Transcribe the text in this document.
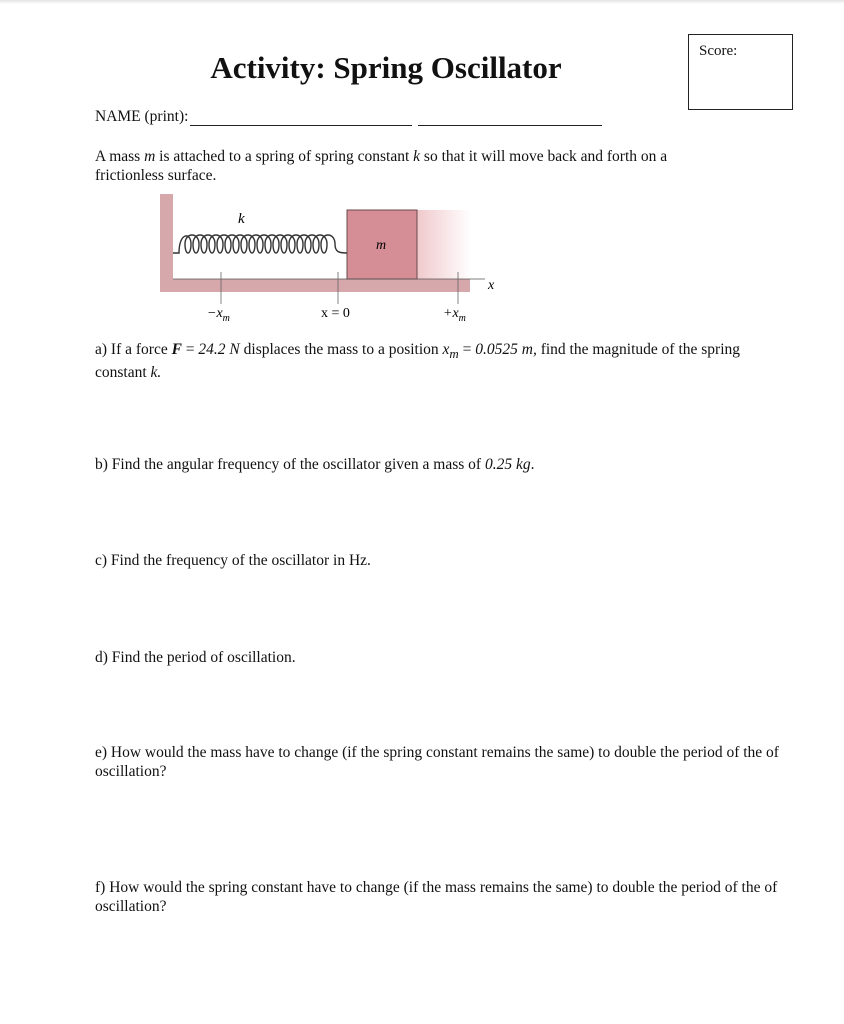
Score:
Activity: Spring Oscillator
NAME (print):
A mass m is attached to a spring of spring constant k so that it will move back and forth on a frictionless surface.
k
m
x
$-x_m$	x = 0	$+x_m$
a) If a force F = 24.2 N displaces the mass to a position $x_m = 0.0525$ m, find the magnitude of the spring constant k.
b) Find the angular frequency of the oscillator given a mass of 0.25 kg.
c) Find the frequency of the oscillator in Hz.
d) Find the period of oscillation.
e) How would the mass have to change (if the spring constant remains the same) to double the period of the of oscillation?
f) How would the spring constant have to change (if the mass remains the same) to double the period of the of oscillation?
